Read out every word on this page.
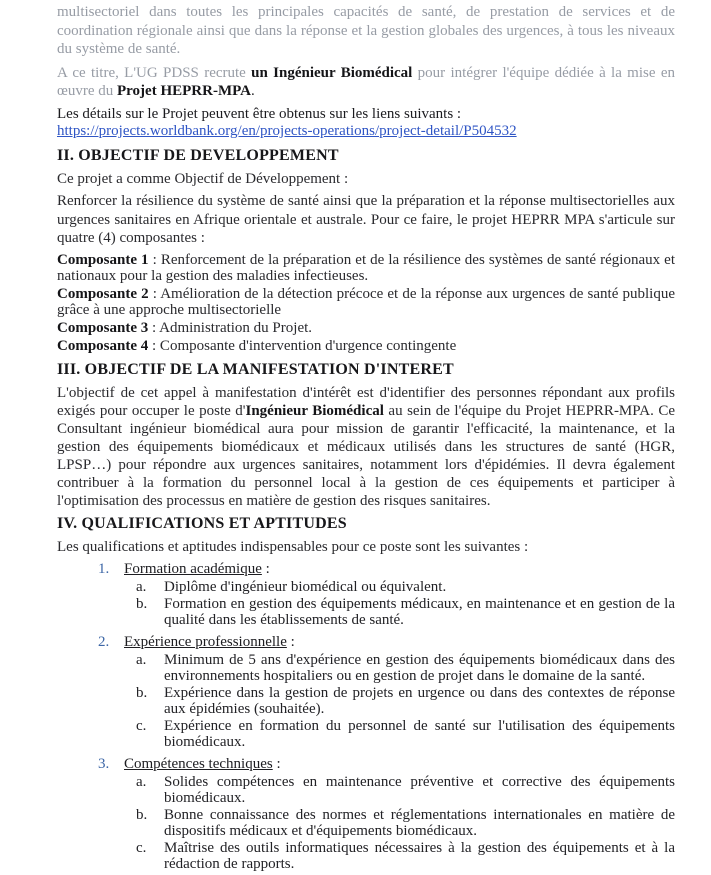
multisectoriel dans toutes les principales capacités de santé, de prestation de services et de coordination régionale ainsi que dans la réponse et la gestion globales des urgences, à tous les niveaux du système de santé.

A ce titre, L'UG PDSS recrute un Ingénieur Biomédical pour intégrer l'équipe dédiée à la mise en œuvre du Projet HEPRR-MPA.

Les détails sur le Projet peuvent être obtenus sur les liens suivants :
https://projects.worldbank.org/en/projects-operations/project-detail/P504532

II. OBJECTIF DE DEVELOPPEMENT

Ce projet a comme Objectif de Développement :

Renforcer la résilience du système de santé ainsi que la préparation et la réponse multisectorielles aux urgences sanitaires en Afrique orientale et australe. Pour ce faire, le projet HEPRR MPA s'articule sur quatre (4) composantes :

Composante 1 : Renforcement de la préparation et de la résilience des systèmes de santé régionaux et nationaux pour la gestion des maladies infectieuses.
Composante 2 : Amélioration de la détection précoce et de la réponse aux urgences de santé publique grâce à une approche multisectorielle
Composante 3 : Administration du Projet.
Composante 4 : Composante d'intervention d'urgence contingente
III. OBJECTIF DE LA MANIFESTATION D'INTERET

L'objectif de cet appel à manifestation d'intérêt est d'identifier des personnes répondant aux profils exigés pour occuper le poste d'Ingénieur Biomédical au sein de l'équipe du Projet HEPRR-MPA. Ce Consultant ingénieur biomédical aura pour mission de garantir l'efficacité, la maintenance, et la gestion des équipements biomédicaux et médicaux utilisés dans les structures de santé (HGR, LPSP…) pour répondre aux urgences sanitaires, notamment lors d'épidémies. Il devra également contribuer à la formation du personnel local à la gestion de ces équipements et participer à l'optimisation des processus en matière de gestion des risques sanitaires.

IV. QUALIFICATIONS ET APTITUDES

Les qualifications et aptitudes indispensables pour ce poste sont les suivantes :

1. Formation académique :
a.	Diplôme d'ingénieur biomédical ou équivalent.
b.	Formation en gestion des équipements médicaux, en maintenance et en gestion de la qualité dans les établissements de santé.
2. Expérience professionnelle :
a.	Minimum de 5 ans d'expérience en gestion des équipements biomédicaux dans des environnements hospitaliers ou en gestion de projet dans le domaine de la santé.
b.	Expérience dans la gestion de projets en urgence ou dans des contextes de réponse aux épidémies (souhaitée).
c.	Expérience en formation du personnel de santé sur l'utilisation des équipements biomédicaux.
3. Compétences techniques :
a.	Solides compétences en maintenance préventive et corrective des équipements biomédicaux.
b.	Bonne connaissance des normes et réglementations internationales en matière de dispositifs médicaux et d'équipements biomédicaux.
c.	Maîtrise des outils informatiques nécessaires à la gestion des équipements et à la rédaction de rapports.
